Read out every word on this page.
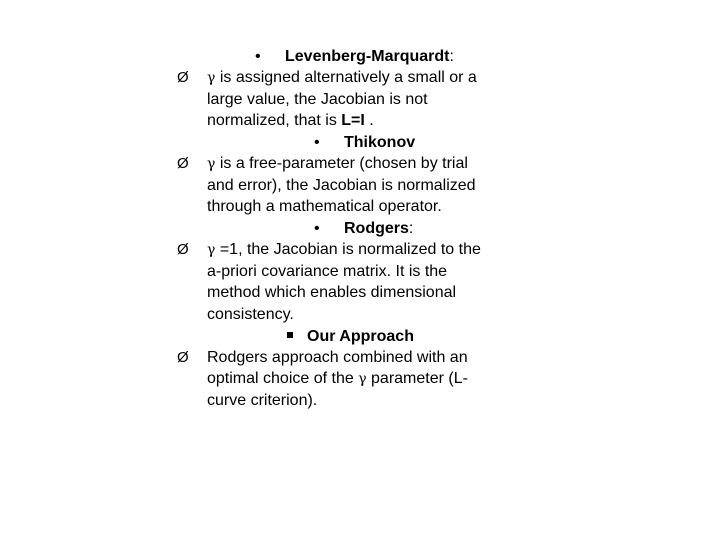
• Levenberg-Marquardt:
Ø γ is assigned alternatively a small or a
large value, the Jacobian is not
normalized, that is L=I .
• Thikonov
Ø γ is a free-parameter (chosen by trial
and error), the Jacobian is normalized
through a mathematical operator.
• Rodgers:
Ø γ =1, the Jacobian is normalized to the
a-priori covariance matrix. It is the
method which enables dimensional
consistency.
Our Approach
Ø Rodgers approach combined with an
optimal choice of the γ parameter (L-
curve criterion).
